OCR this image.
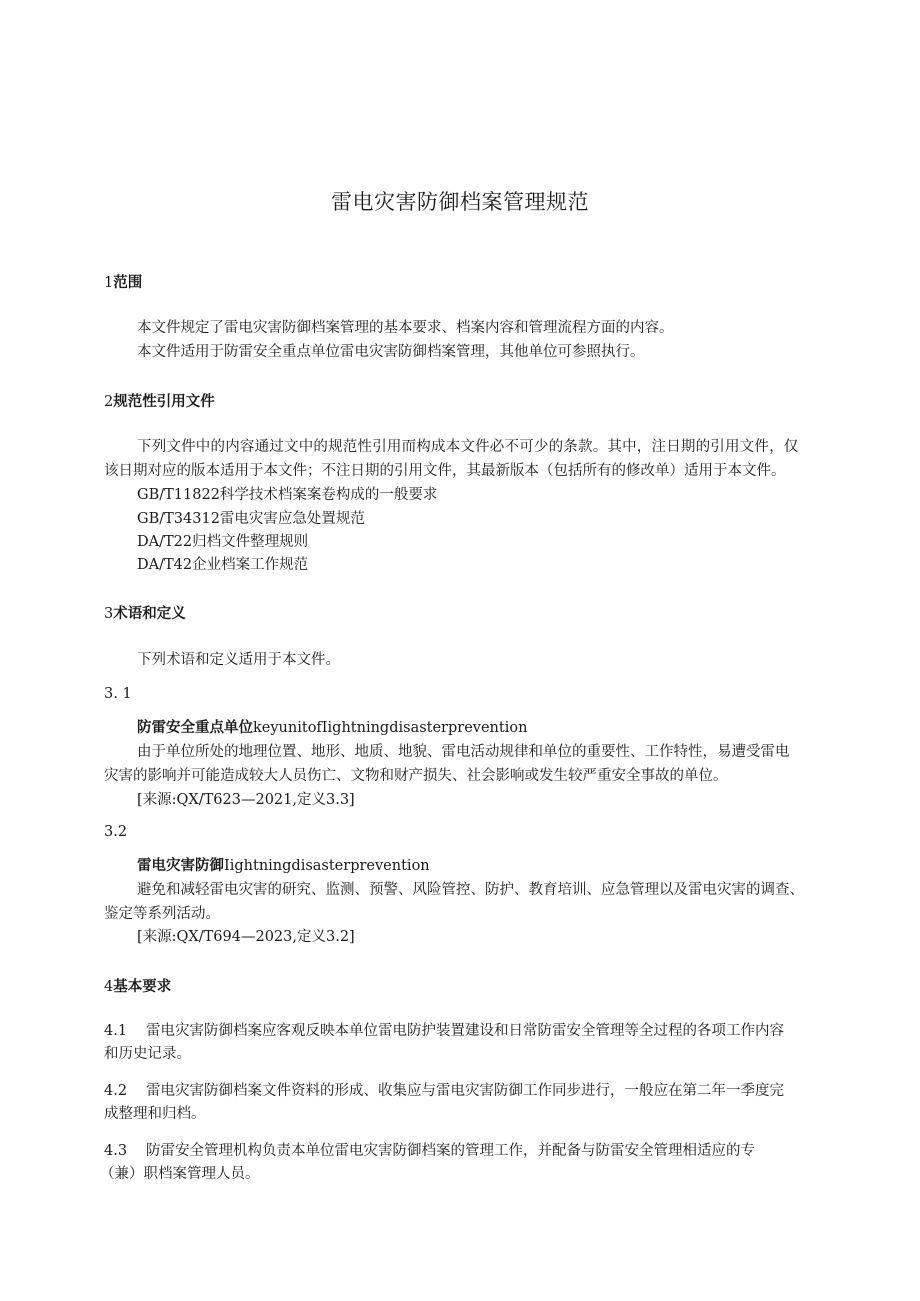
雷电灾害防御档案管理规范
1范围
本文件规定了雷电灾害防御档案管理的基本要求、档案内容和管理流程方面的内容。
本文件适用于防雷安全重点单位雷电灾害防御档案管理，其他单位可参照执行。
2规范性引用文件
下列文件中的内容通过文中的规范性引用而构成本文件必不可少的条款。其中，注日期的引用文件，仅
该日期对应的版本适用于本文件；不注日期的引用文件，其最新版本（包括所有的修改单）适用于本文件。
GB/T11822科学技术档案案卷构成的一般要求
GB/T34312雷电灾害应急处置规范
DA/T22归档文件整理规则
DA/T42企业档案工作规范
3术语和定义
下列术语和定义适用于本文件。
3. 1
防雷安全重点单位keyunitofIightningdisasterprevention
由于单位所处的地理位置、地形、地质、地貌、雷电活动规律和单位的重要性、工作特性，易遭受雷电
灾害的影响并可能造成较大人员伤亡、文物和财产损失、社会影响或发生较严重安全事故的单位。
[来源:QX/T623—2021,定义3.3]
3.2
雷电灾害防御Iightningdisasterprevention
避免和减轻雷电灾害的研究、监测、预警、风险管控、防护、教育培训、应急管理以及雷电灾害的调查、
鉴定等系列活动。
[来源:QX/T694—2023,定义3.2]
4基本要求
4.1 雷电灾害防御档案应客观反映本单位雷电防护装置建设和日常防雷安全管理等全过程的各项工作内容
和历史记录。
4.2 雷电灾害防御档案文件资料的形成、收集应与雷电灾害防御工作同步进行，一般应在第二年一季度完
成整理和归档。
4.3 防雷安全管理机构负责本单位雷电灾害防御档案的管理工作，并配备与防雷安全管理相适应的专
（兼）职档案管理人员。
